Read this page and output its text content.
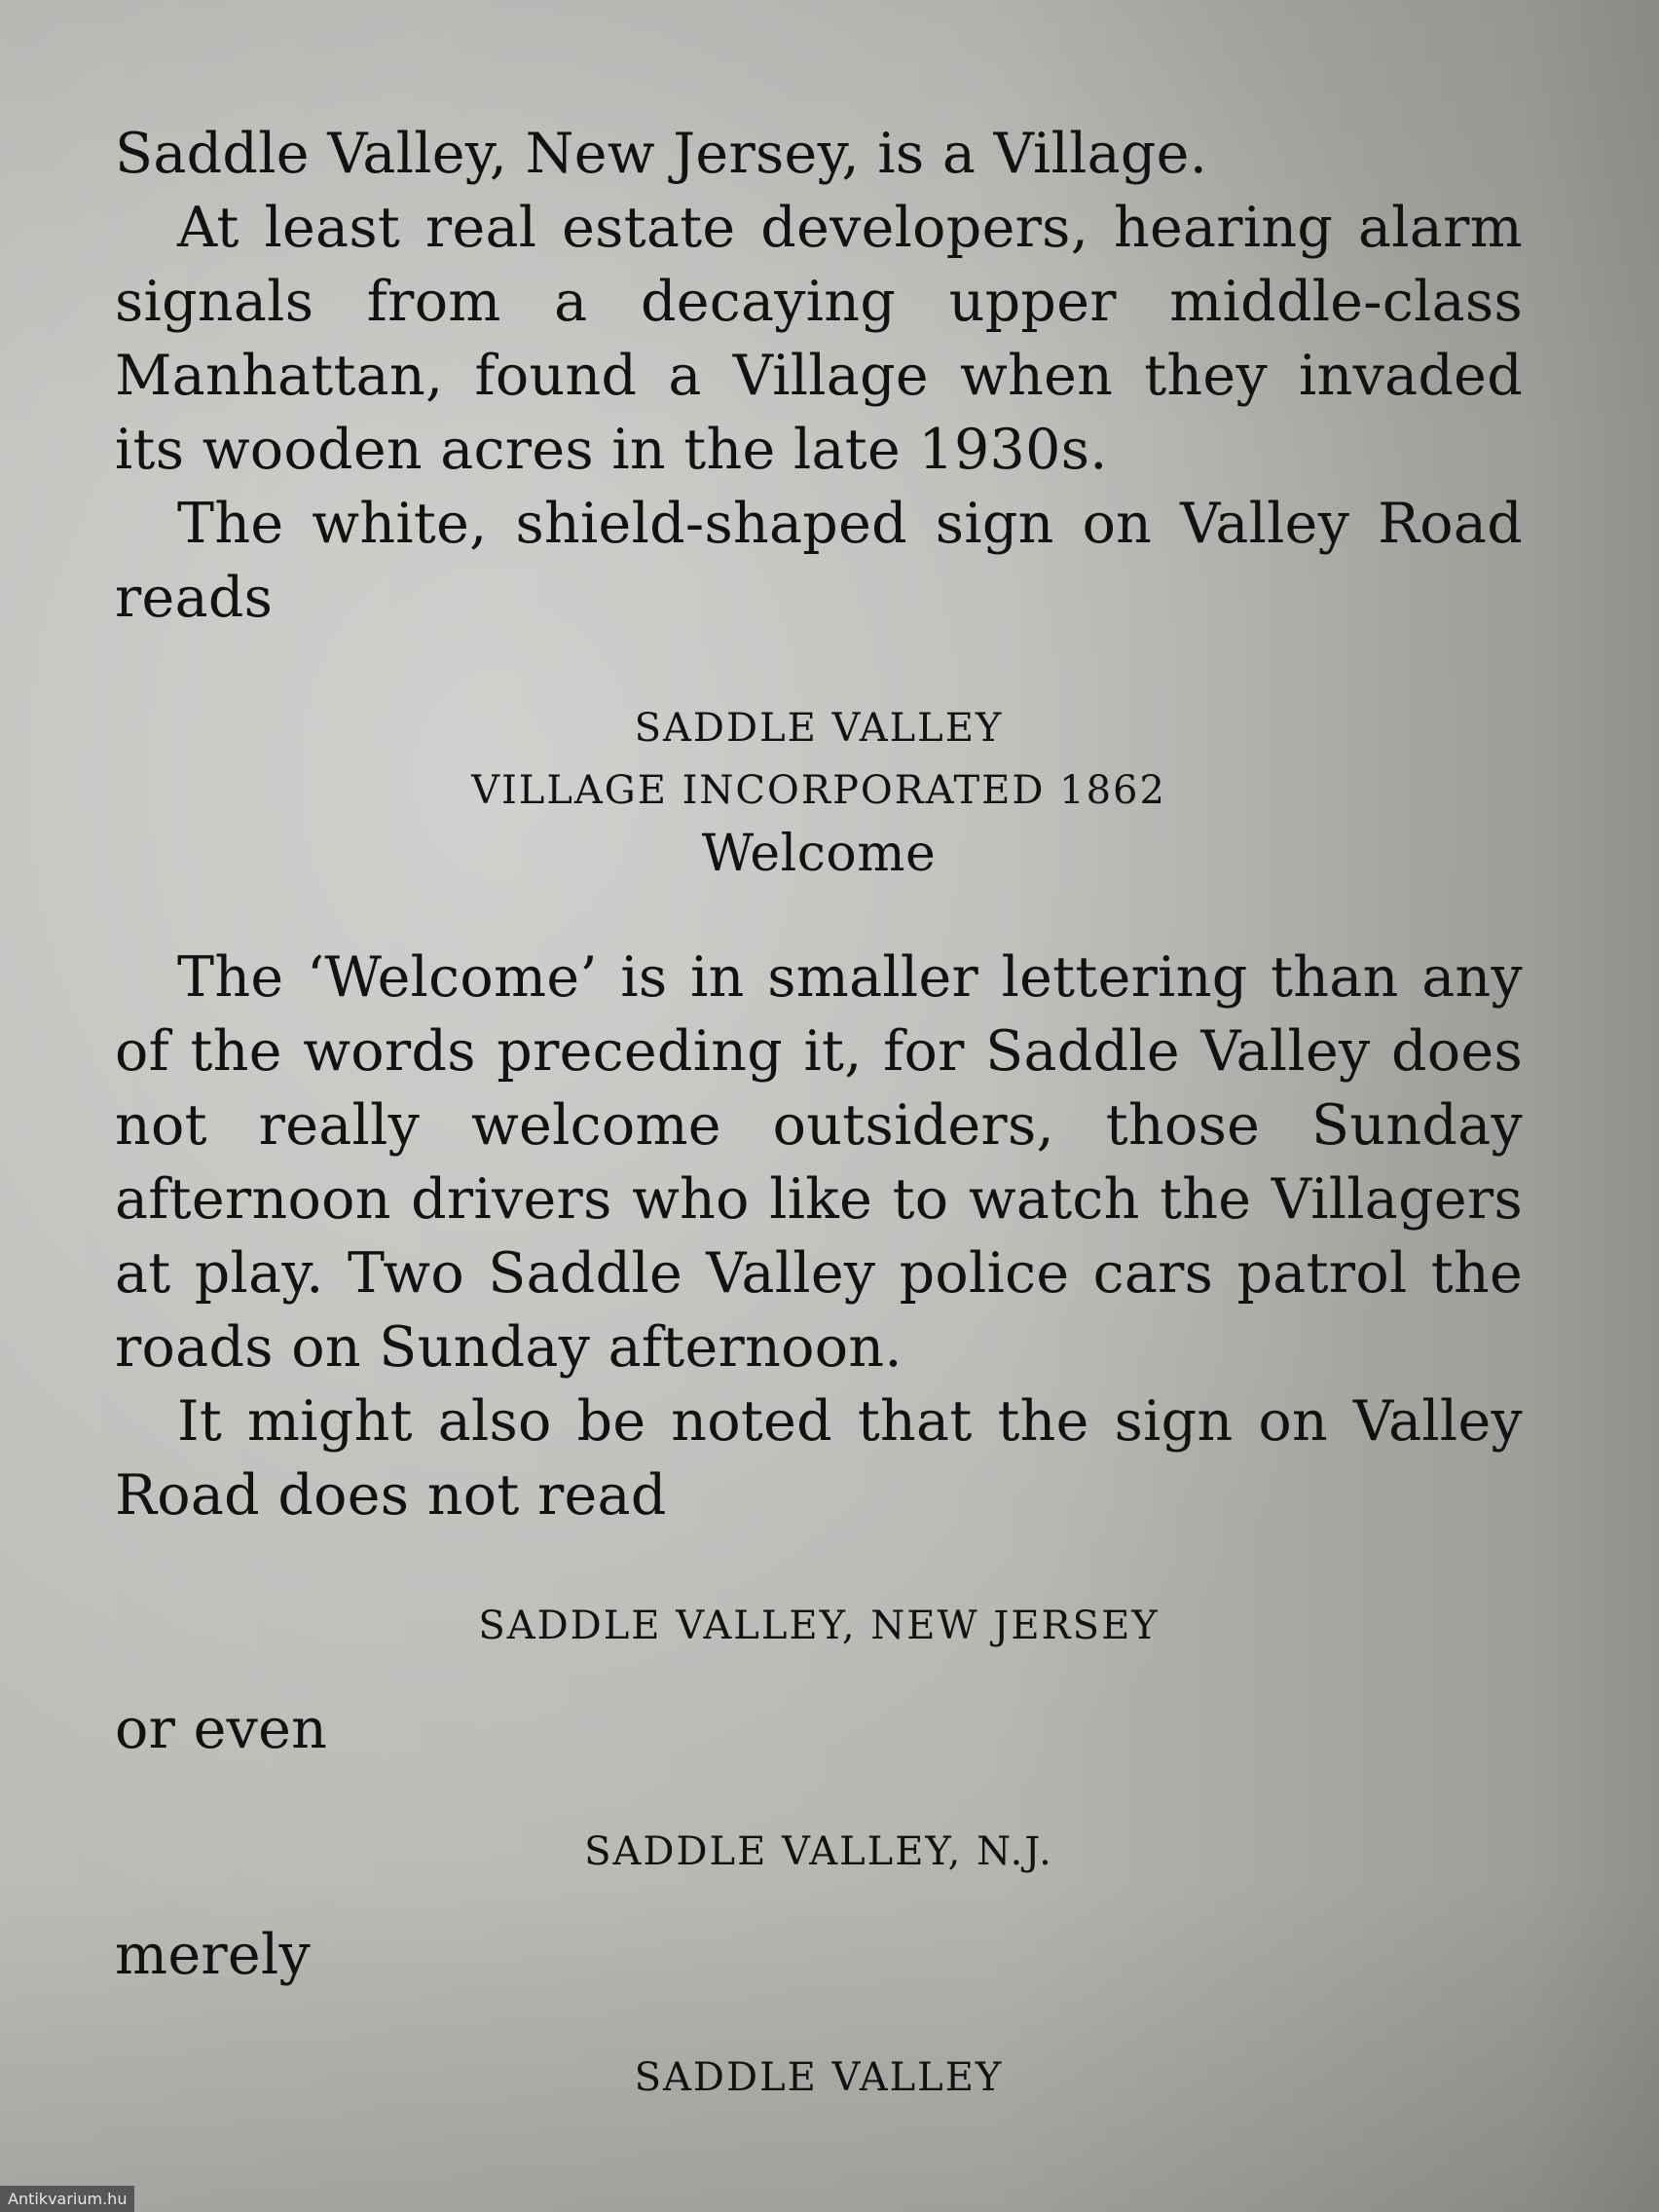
Saddle Valley, New Jersey, is a Village.

At least real estate developers, hearing alarm signals from a decaying upper middle-class Manhattan, found a Village when they invaded its wooden acres in the late 1930s.

The white, shield-shaped sign on Valley Road reads

SADDLE VALLEY
VILLAGE INCORPORATED 1862
Welcome

The ‘Welcome’ is in smaller lettering than any of the words preceding it, for Saddle Valley does not really welcome outsiders, those Sunday afternoon drivers who like to watch the Villagers at play. Two Saddle Valley police cars patrol the roads on Sunday afternoon.

It might also be noted that the sign on Valley Road does not read

SADDLE VALLEY, NEW JERSEY

or even

SADDLE VALLEY, N.J.

merely

SADDLE VALLEY
Antikvarium.hu
